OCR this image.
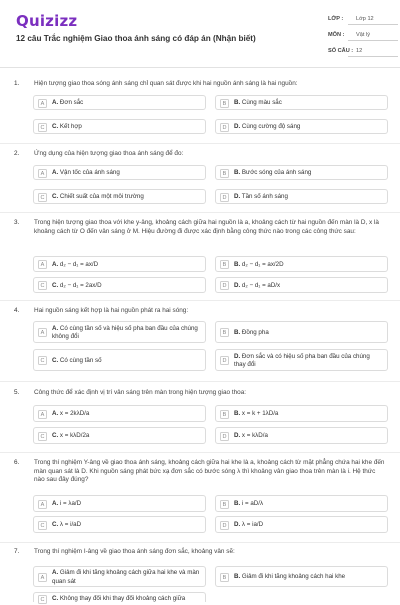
Quizizz
12 câu Trắc nghiệm Giao thoa ánh sáng có đáp án (Nhận biết)
LỚP : Lớp 12
MÔN : Vật lý
SỐ CÂU : 12
1. Hiện tượng giao thoa sóng ánh sáng chỉ quan sát được khi hai nguồn ánh sáng là hai nguồn:
A	A. Đơn sắc	B	B. Cùng màu sắc
C	C. Kết hợp	D	D. Cùng cường độ sáng
2. Ứng dụng của hiện tượng giao thoa ánh sáng để đo:
A	A. Vận tốc của ánh sáng	B	B. Bước sóng của ánh sáng
C	C. Chiết suất của một môi trường	D	D. Tần số ánh sáng
3. Trong hiện tượng giao thoa với khe y-âng, khoảng cách giữa hai nguồn là a, khoảng cách từ hai nguồn đến màn là D, x là khoảng cách từ O đến vân sáng ở M. Hiệu đường đi được xác định bằng công thức nào trong các công thức sau:
A	A. d₂ − d₁ = ax/D	B	B. d₂ − d₁ = ax/2D
C	C. d₂ − d₁ = 2ax/D	D	D. d₂ − d₁ = aD/x
4. Hai nguồn sáng kết hợp là hai nguồn phát ra hai sóng:
A
A. Có cùng tần số và hiệu số pha ban đầu của chúng không đổi
B	B. Đồng pha
C	C. Có cùng tần số	D
D. Đơn sắc và có hiệu số pha ban đầu của chúng thay đổi
5. Công thức để xác định vị trí vân sáng trên màn trong hiện tượng giao thoa:
A	A. x = 2kλD/a	B	B. x = k + 1λD/a
C	C. x = kλD/2a	D	D. x = kλD/a
6. Trong thí nghiệm Y-âng về giao thoa ánh sáng, khoảng cách giữa hai khe là a, khoảng cách từ mặt phẳng chứa hai khe đến màn quan sát là D. Khi nguồn sáng phát bức xạ đơn sắc có bước sóng λ thì khoảng vân giao thoa trên màn là i. Hệ thức nào sau đây đúng?
A	A. i = λa/D	B	B. i = aD/λ
C	C. λ = i/aD	D	D. λ = ia/D
7. Trong thí nghiệm I-âng về giao thoa ánh sáng đơn sắc, khoảng vân sẽ:
A
A. Giảm đi khi tăng khoảng cách giữa hai khe và màn quan sát
B	B. Giảm đi khi tăng khoảng cách hai khe
C	C. Không thay đổi khi thay đổi khoảng cách giữa
